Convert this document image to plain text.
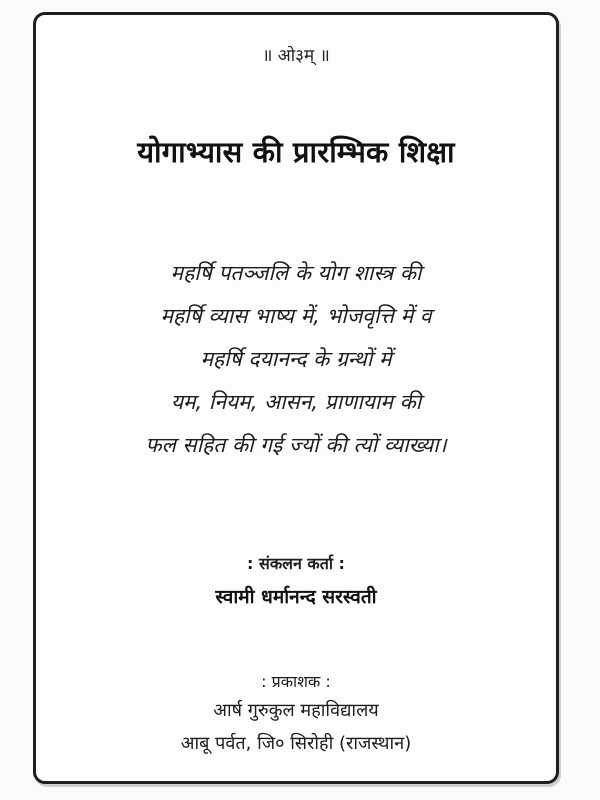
॥ ओ३म् ॥
योगाभ्यास की प्रारम्भिक शिक्षा
महर्षि पतञ्जलि के योग शास्त्र की
महर्षि व्यास भाष्य में, भोजवृत्ति में व
महर्षि दयानन्द के ग्रन्थों में
यम, नियम, आसन, प्राणायाम की
फल सहित की गई ज्यों की त्यों व्याख्या।
: संकलन कर्ता :
स्वामी धर्मानन्द सरस्वती
: प्रकाशक :
आर्ष गुरुकुल महाविद्यालय
आबू पर्वत, जि० सिरोही (राजस्थान)
